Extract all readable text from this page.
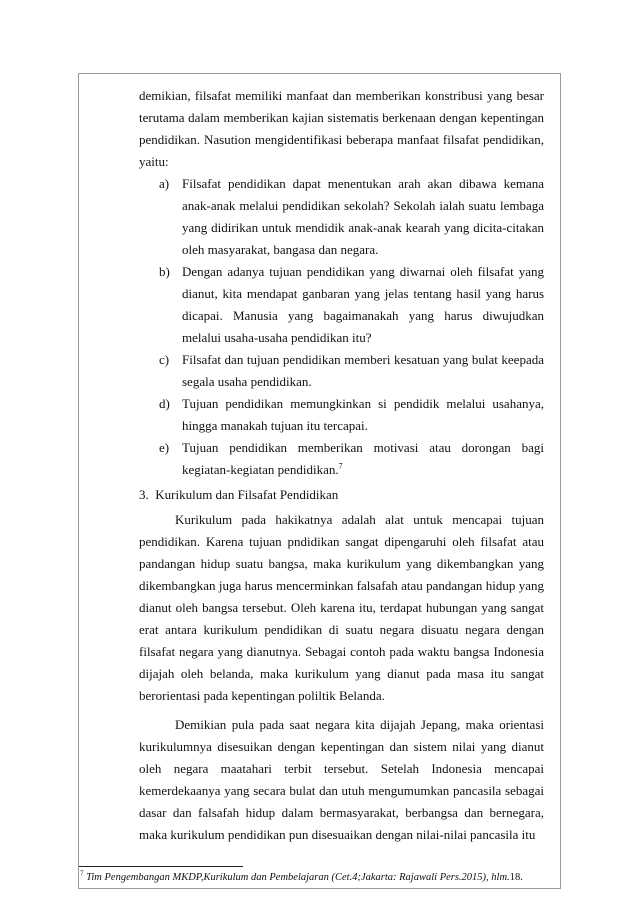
demikian, filsafat memiliki manfaat dan memberikan konstribusi yang besar terutama dalam memberikan kajian sistematis berkenaan dengan kepentingan pendidikan. Nasution mengidentifikasi beberapa manfaat filsafat pendidikan, yaitu:

a) Filsafat pendidikan dapat menentukan arah akan dibawa kemana anak-anak melalui pendidikan sekolah? Sekolah ialah suatu lembaga yang didirikan untuk mendidik anak-anak kearah yang dicita-citakan oleh masyarakat, bangasa dan negara.
b) Dengan adanya tujuan pendidikan yang diwarnai oleh filsafat yang dianut, kita mendapat ganbaran yang jelas tentang hasil yang harus dicapai. Manusia yang bagaimanakah yang harus diwujudkan melalui usaha-usaha pendidikan itu?
c) Filsafat dan tujuan pendidikan memberi kesatuan yang bulat keepada segala usaha pendidikan.
d) Tujuan pendidikan memungkinkan si pendidik melalui usahanya, hingga manakah tujuan itu tercapai.
e) Tujuan pendidikan memberikan motivasi atau dorongan bagi kegiatan-kegiatan pendidikan.$^7$

3. Kurikulum dan Filsafat Pendidikan

Kurikulum pada hakikatnya adalah alat untuk mencapai tujuan pendidikan. Karena tujuan pndidikan sangat dipengaruhi oleh filsafat atau pandangan hidup suatu bangsa, maka kurikulum yang dikembangkan yang dikembangkan juga harus mencerminkan falsafah atau pandangan hidup yang dianut oleh bangsa tersebut. Oleh karena itu, terdapat hubungan yang sangat erat antara kurikulum pendidikan di suatu negara disuatu negara dengan filsafat negara yang dianutnya. Sebagai contoh pada waktu bangsa Indonesia dijajah oleh belanda, maka kurikulum yang dianut pada masa itu sangat berorientasi pada kepentingan poliltik Belanda.

Demikian pula pada saat negara kita dijajah Jepang, maka orientasi kurikulumnya disesuikan dengan kepentingan dan sistem nilai yang dianut oleh negara maatahari terbit tersebut. Setelah Indonesia mencapai kemerdekaanya yang secara bulat dan utuh mengumumkan pancasila sebagai dasar dan falsafah hidup dalam bermasyarakat, berbangsa dan bernegara, maka kurikulum pendidikan pun disesuaikan dengan nilai-nilai pancasila itu

$^7$ Tim Pengembangan MKDP,Kurikulum dan Pembelajaran (Cet.4;Jakarta: Rajawali Pers.2015), hlm.18.
